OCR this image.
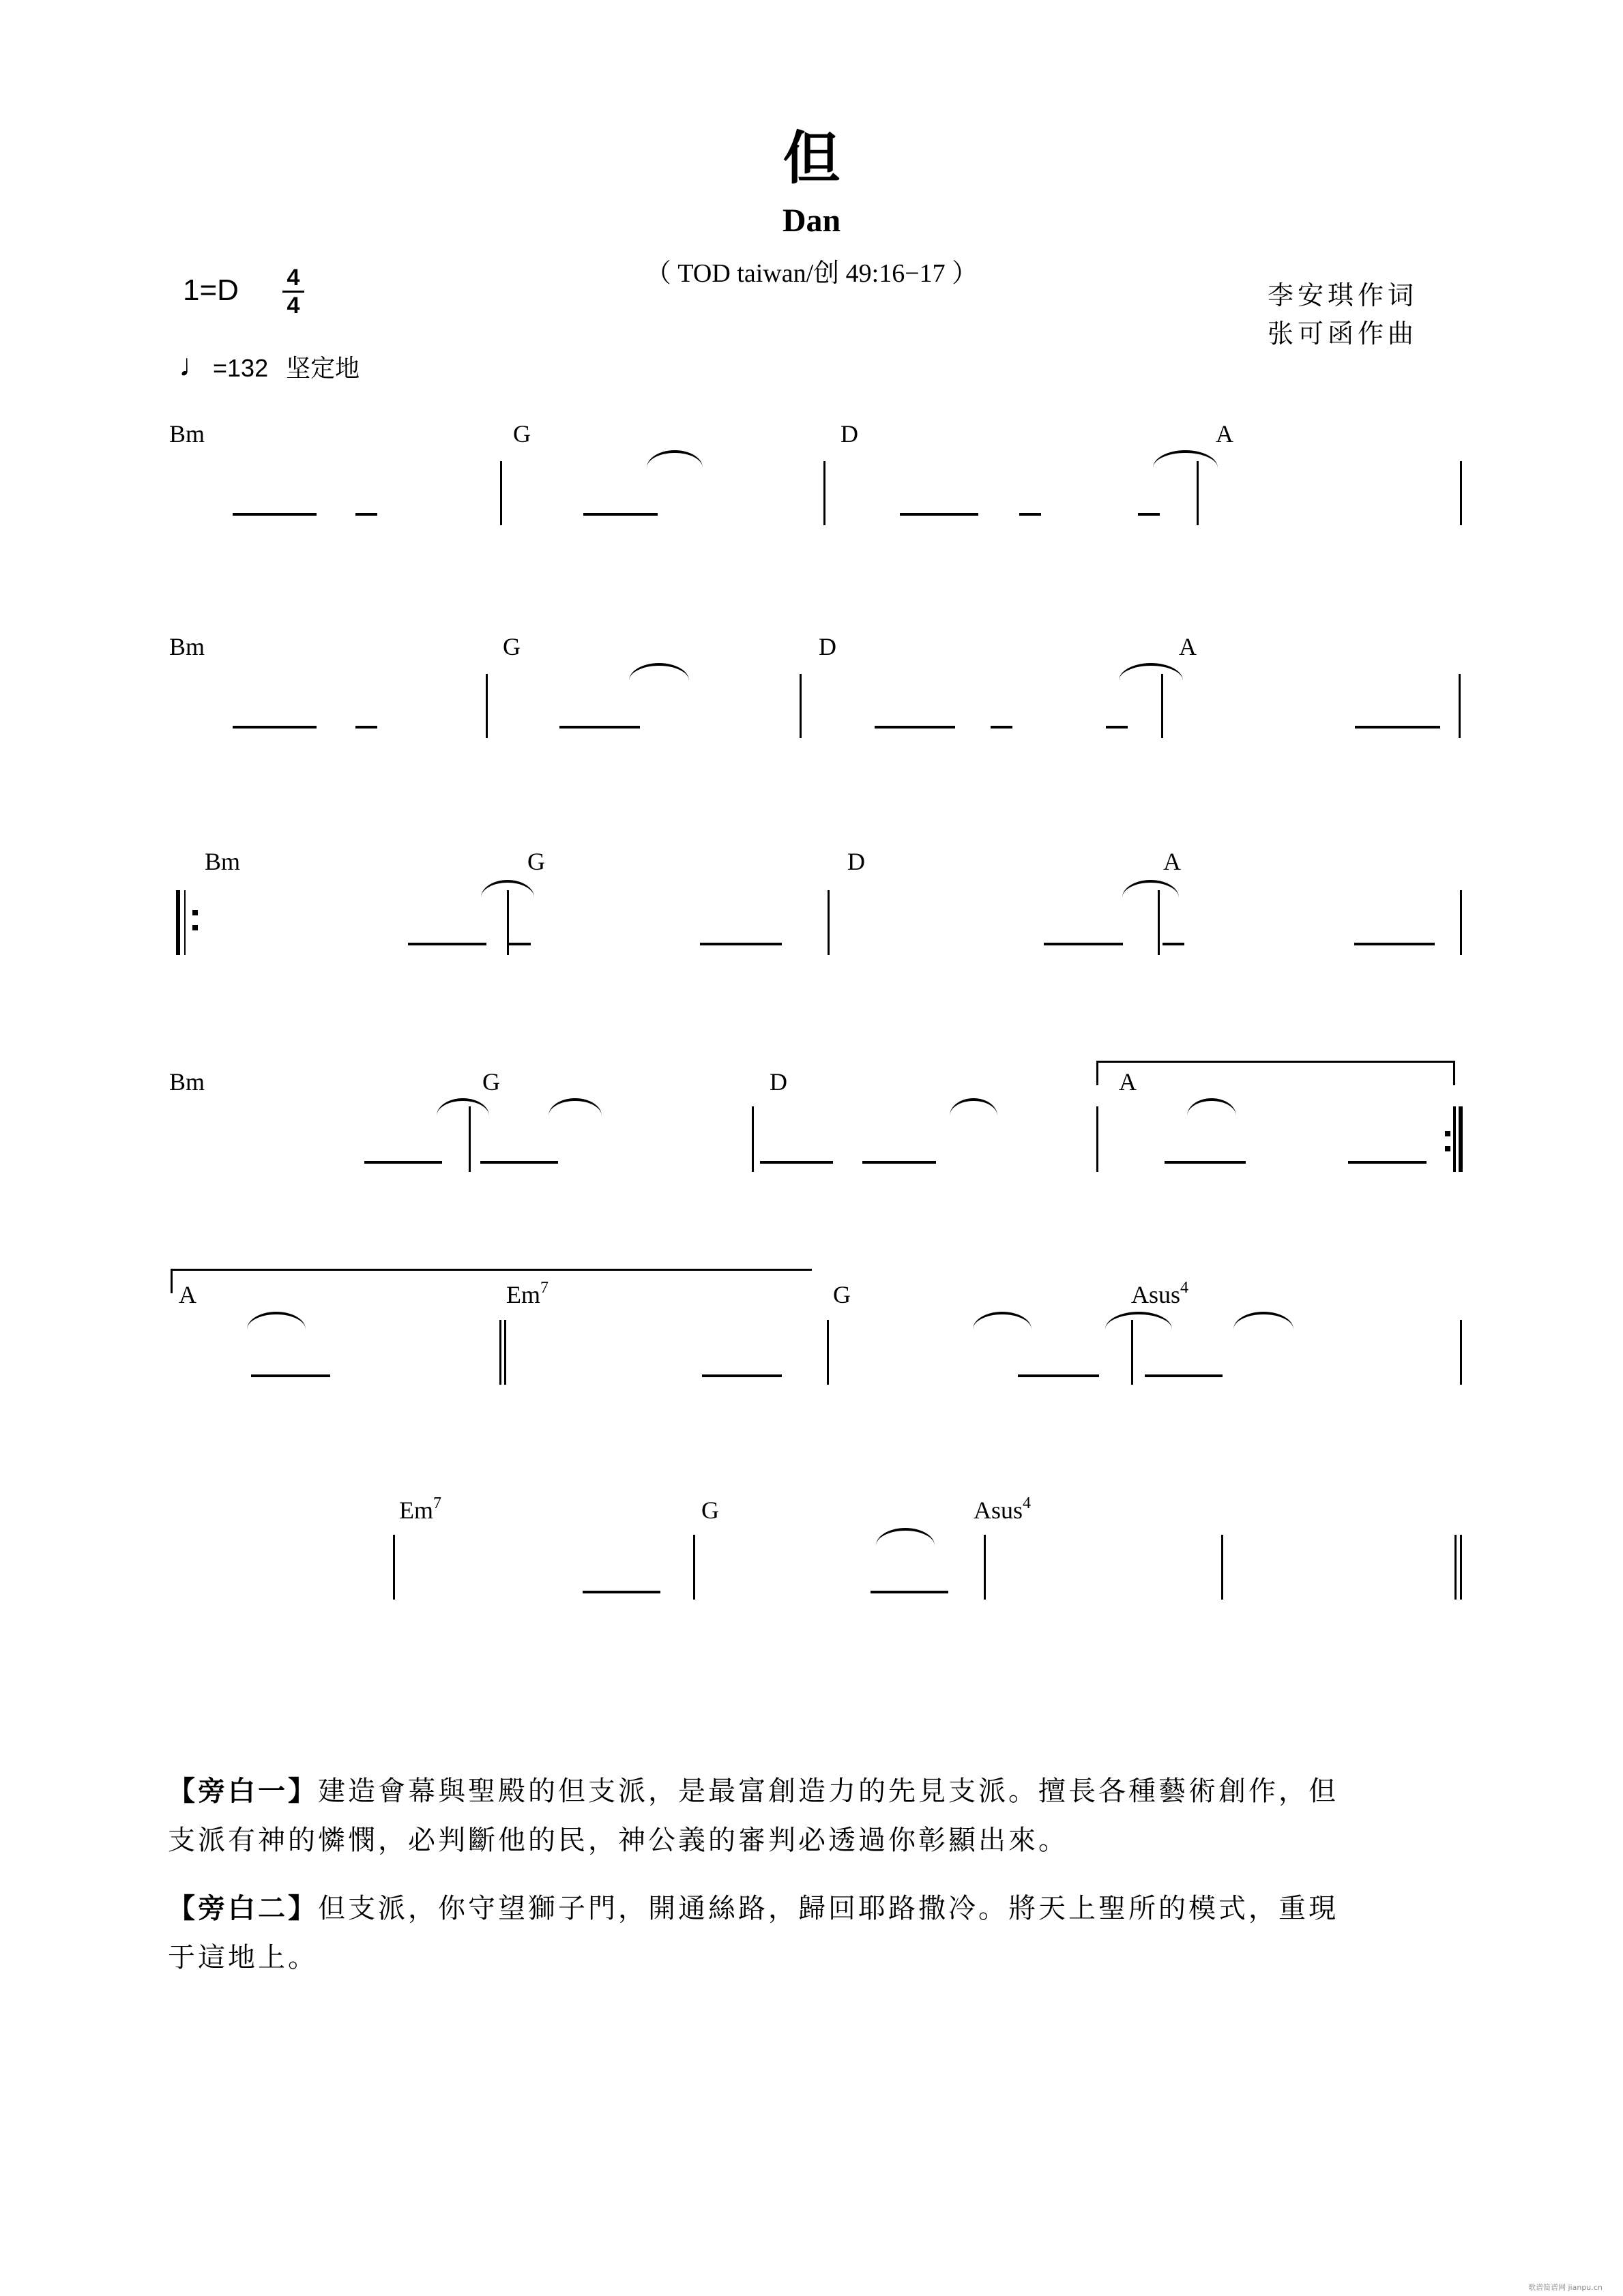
但
Dan
（ TOD taiwan/创 49:16−17 ）
1=D 4
4
♩ =132 坚定地
李安琪作词
张可函作曲
Bm	G	D	A
Bm	G	D	A
Bm	G	D	A
Bm	G	D	A
A	Em$^7$	G	Asus$^4$
Em$^7$	G	Asus$^4$
【旁白一】建造會幕與聖殿的但支派，是最富創造力的先見支派。擅長各種藝術創作，但
支派有神的憐憫，必判斷他的民，神公義的審判必透過你彰顯出來。
【旁白二】但支派，你守望獅子門，開通絲路，歸回耶路撒冷。將天上聖所的模式，重現
于這地上。
歌谱简谱网 jianpu.cn
